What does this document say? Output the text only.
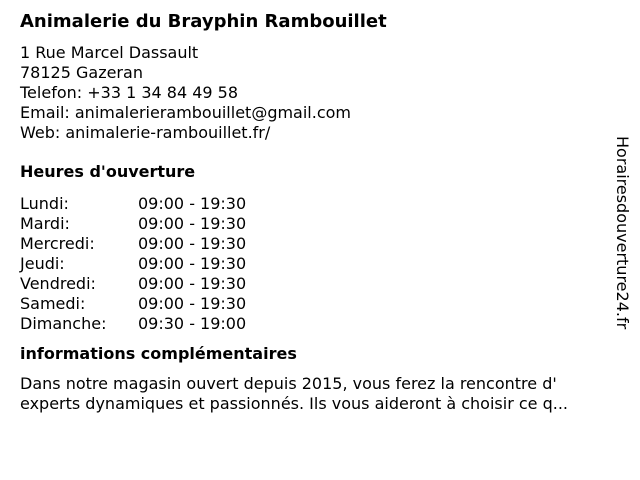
Animalerie du Brayphin Rambouillet
1 Rue Marcel Dassault
78125 Gazeran
Telefon: +33 1 34 84 49 58
Email: animalerierambouillet@gmail.com
Web: animalerie-rambouillet.fr/
Heures d'ouverture
Lundi:	09:00 - 19:30
Mardi:	09:00 - 19:30
Mercredi:	09:00 - 19:30
Jeudi:	09:00 - 19:30
Vendredi:	09:00 - 19:30
Samedi:	09:00 - 19:30
Dimanche:	09:30 - 19:00
informations complémentaires
Dans notre magasin ouvert depuis 2015, vous ferez la rencontre d'
experts dynamiques et passionnés. Ils vous aideront à choisir ce q...
Horairesdouverture24.fr
